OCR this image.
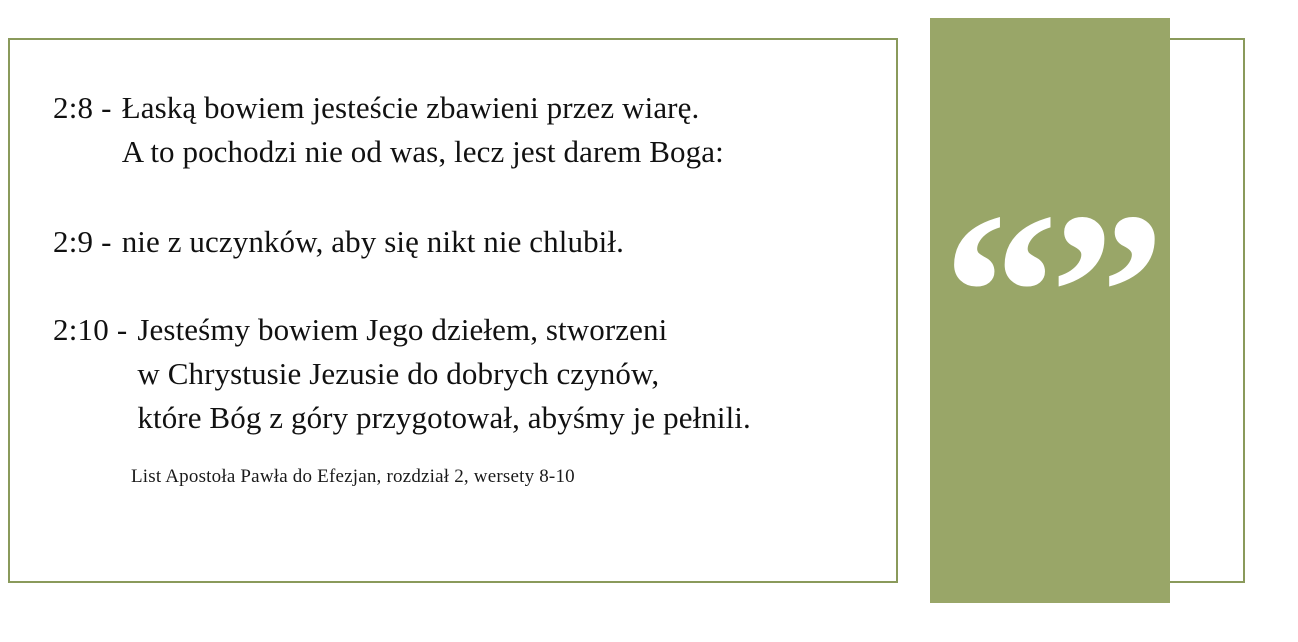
“”
2:8 - Łaską bowiem jesteście zbawieni przez wiarę.
A to pochodzi nie od was, lecz jest darem Boga:
2:9 - nie z uczynków, aby się nikt nie chlubił.
2:10 - Jesteśmy bowiem Jego dziełem, stworzeni
w Chrystusie Jezusie do dobrych czynów,
które Bóg z góry przygotował, abyśmy je pełnili.
List Apostoła Pawła do Efezjan, rozdział 2, wersety 8-10
